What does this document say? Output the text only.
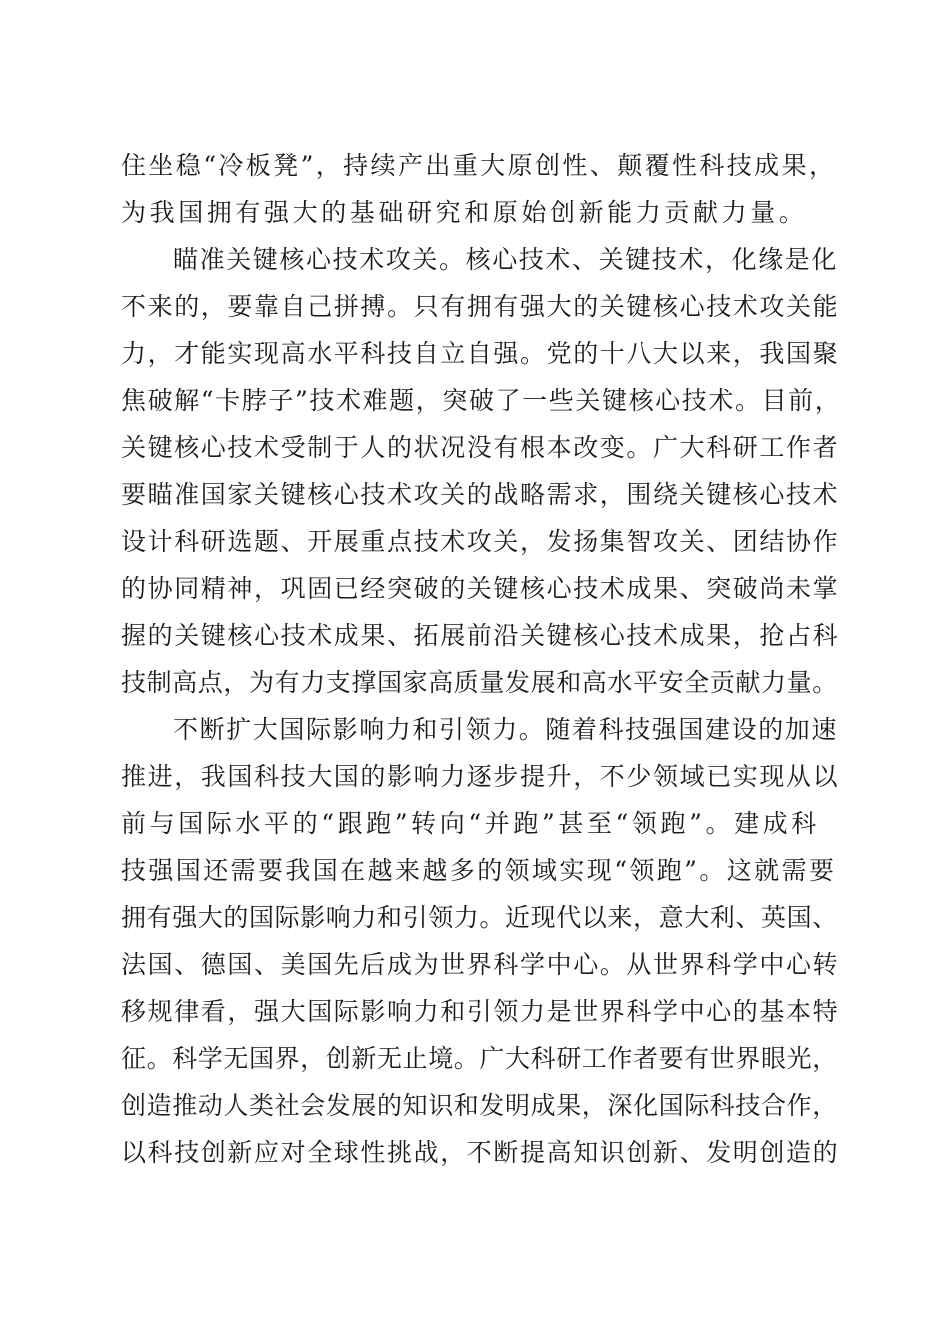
住坐稳“冷板凳”，持续产出重大原创性、颠覆性科技成果，
为我国拥有强大的基础研究和原始创新能力贡献力量。
瞄准关键核心技术攻关。核心技术、关键技术，化缘是化
不来的，要靠自己拼搏。只有拥有强大的关键核心技术攻关能
力，才能实现高水平科技自立自强。党的十八大以来，我国聚
焦破解“卡脖子”技术难题，突破了一些关键核心技术。目前，
关键核心技术受制于人的状况没有根本改变。广大科研工作者
要瞄准国家关键核心技术攻关的战略需求，围绕关键核心技术
设计科研选题、开展重点技术攻关，发扬集智攻关、团结协作
的协同精神，巩固已经突破的关键核心技术成果、突破尚未掌
握的关键核心技术成果、拓展前沿关键核心技术成果，抢占科
技制高点，为有力支撑国家高质量发展和高水平安全贡献力量。
不断扩大国际影响力和引领力。随着科技强国建设的加速
推进，我国科技大国的影响力逐步提升，不少领域已实现从以
前与国际水平的“跟跑”转向“并跑”甚至“领跑”。建成科
技强国还需要我国在越来越多的领域实现“领跑”。这就需要
拥有强大的国际影响力和引领力。近现代以来，意大利、英国、
法国、德国、美国先后成为世界科学中心。从世界科学中心转
移规律看，强大国际影响力和引领力是世界科学中心的基本特
征。科学无国界，创新无止境。广大科研工作者要有世界眼光，
创造推动人类社会发展的知识和发明成果，深化国际科技合作，
以科技创新应对全球性挑战，不断提高知识创新、发明创造的
